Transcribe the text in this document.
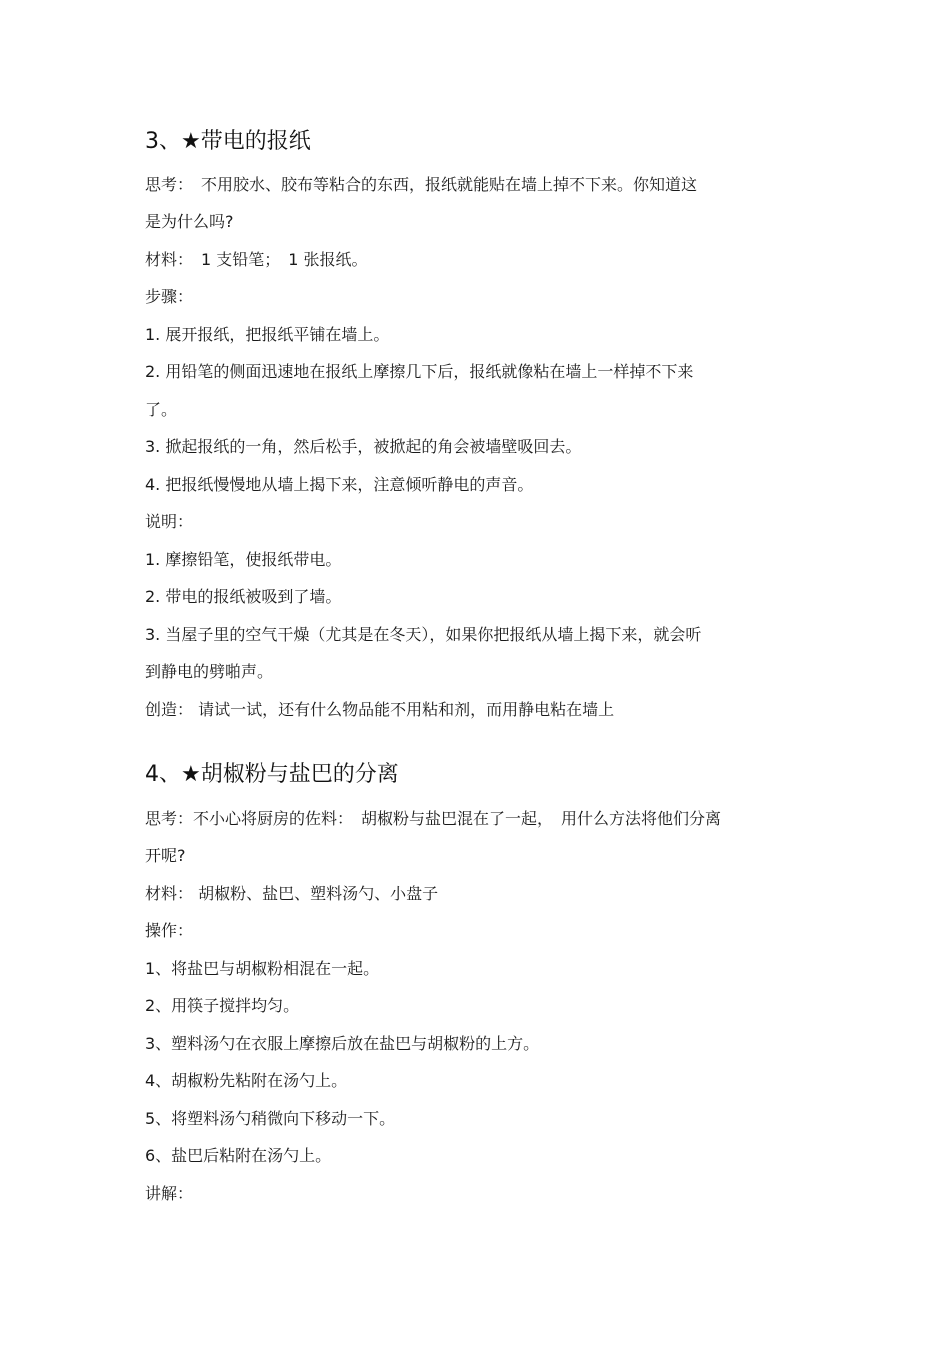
3、★带电的报纸
思考：　不用胶水、胶布等粘合的东西，报纸就能贴在墙上掉不下来。你知道这
是为什么吗?
材料：　1 支铅笔；　1 张报纸。
步骤：
1. 展开报纸，把报纸平铺在墙上。
2. 用铅笔的侧面迅速地在报纸上摩擦几下后，报纸就像粘在墙上一样掉不下来
了。
3. 掀起报纸的一角，然后松手，被掀起的角会被墙壁吸回去。
4. 把报纸慢慢地从墙上揭下来，注意倾听静电的声音。
说明：
1. 摩擦铅笔，使报纸带电。
2. 带电的报纸被吸到了墙。
3. 当屋子里的空气干燥（尤其是在冬天），如果你把报纸从墙上揭下来，就会听
到静电的劈啪声。
创造： 请试一试，还有什么物品能不用粘和剂，而用静电粘在墙上
4、★胡椒粉与盐巴的分离
思考：不小心将厨房的佐料：　胡椒粉与盐巴混在了一起，　用什么方法将他们分离
开呢?
材料： 胡椒粉、盐巴、塑料汤勺、小盘子
操作：
1、将盐巴与胡椒粉相混在一起。
2、用筷子搅拌均匀。
3、塑料汤勺在衣服上摩擦后放在盐巴与胡椒粉的上方。
4、胡椒粉先粘附在汤勺上。
5、将塑料汤勺稍微向下移动一下。
6、盐巴后粘附在汤勺上。
讲解：
